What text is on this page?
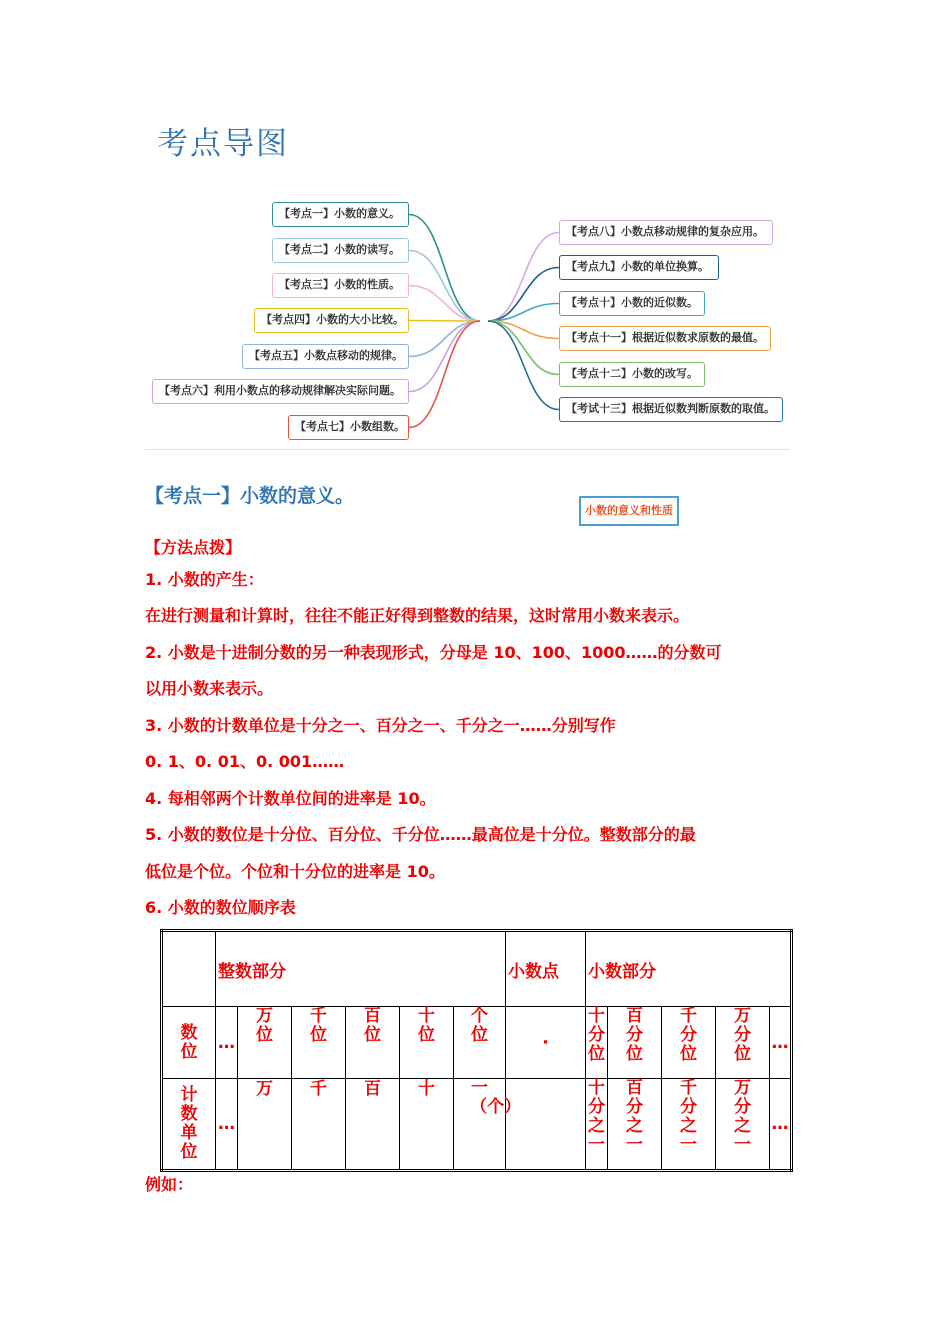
考点导图
小数的意义和性质
【考点一】小数的意义。
【考点二】小数的读写。
【考点三】小数的性质。
【考点四】小数的大小比较。
【考点五】小数点移动的规律。
【考点六】利用小数点的移动规律解决实际问题。
【考点七】小数组数。
【考点八】小数点移动规律的复杂应用。
【考点九】小数的单位换算。
【考点十】小数的近似数。
【考点十一】根据近似数求原数的最值。
【考点十二】小数的改写。
【考试十三】根据近似数判断原数的取值。
【考点一】小数的意义。
【方法点拨】
1. 小数的产生：
在进行测量和计算时，往往不能正好得到整数的结果，这时常用小数来表示。
2. 小数是十进制分数的另一种表现形式，分母是 10、100、1000……的分数可
以用小数来表示。
3. 小数的计数单位是十分之一、百分之一、千分之一……分别写作
0. 1、0. 01、0. 001……
4. 每相邻两个计数单位间的进率是 10。
5. 小数的数位是十分位、百分位、千分位……最高位是十分位。整数部分的最
低位是个位。个位和十分位的进率是 10。
6. 小数的数位顺序表
	整数部分						小数点	小数部分				
数位	…	万位	千位	百位	十位	个位	·	十分位	百分位	千分位	万分位	…
计数单位	…	万	千	百	十	一（个）		十分之一	百分之一	千分之一	万分之一	…
例如：
